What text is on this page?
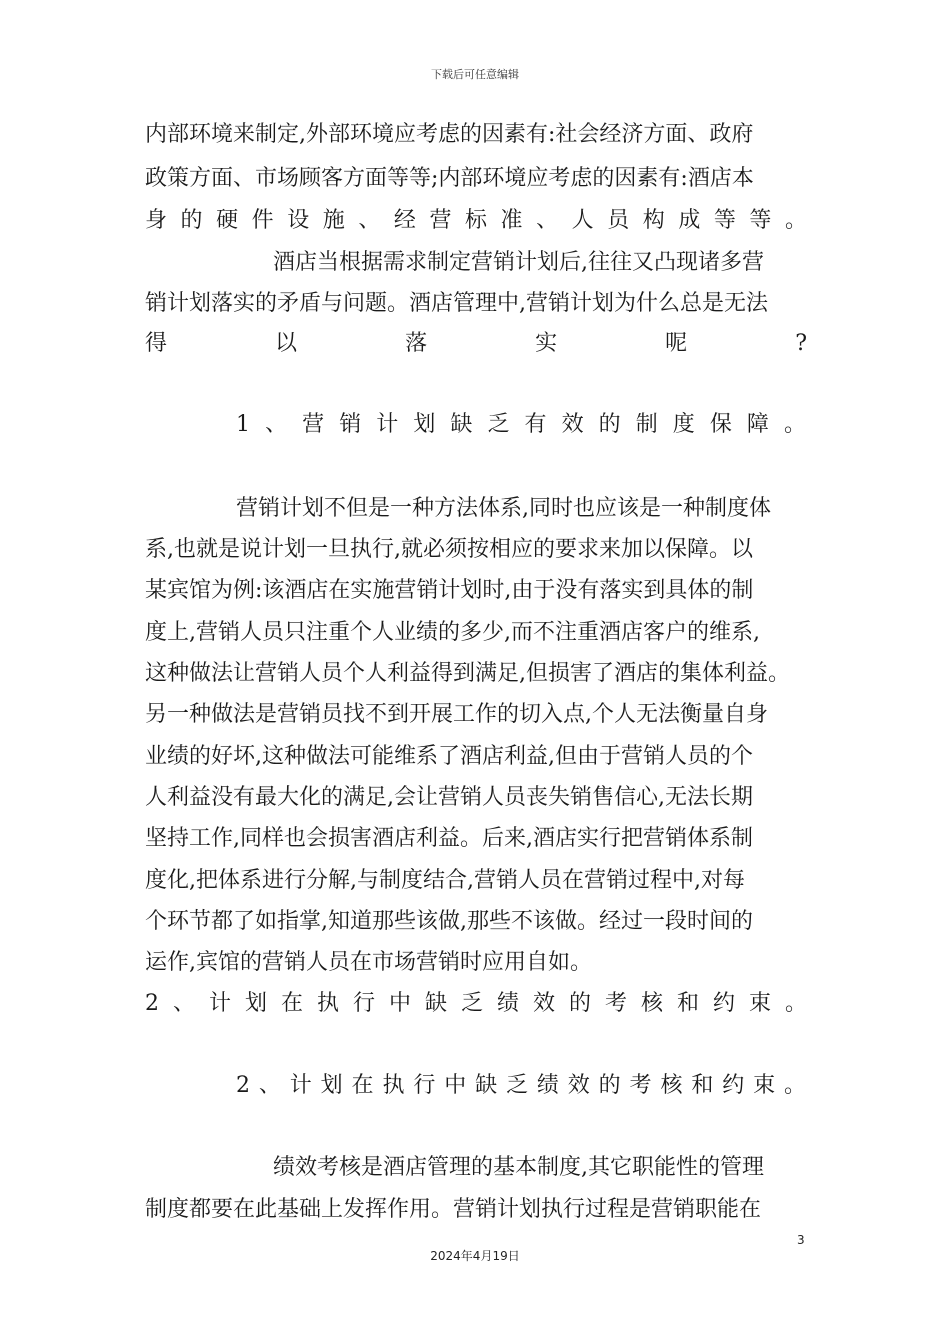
下载后可任意编辑
内部环境来制定,外部环境应考虑的因素有:社会经济方面、政府
政策方面、市场顾客方面等等;内部环境应考虑的因素有:酒店本
身的硬件设施、经营标准、人员构成等等。
酒店当根据需求制定营销计划后,往往又凸现诸多营
销计划落实的矛盾与问题。酒店管理中,营销计划为什么总是无法
得以落实呢?
1、营销计划缺乏有效的制度保障。
营销计划不但是一种方法体系,同时也应该是一种制度体
系,也就是说计划一旦执行,就必须按相应的要求来加以保障。以
某宾馆为例:该酒店在实施营销计划时,由于没有落实到具体的制
度上,营销人员只注重个人业绩的多少,而不注重酒店客户的维系,
这种做法让营销人员个人利益得到满足,但损害了酒店的集体利益。
另一种做法是营销员找不到开展工作的切入点,个人无法衡量自身
业绩的好坏,这种做法可能维系了酒店利益,但由于营销人员的个
人利益没有最大化的满足,会让营销人员丧失销售信心,无法长期
坚持工作,同样也会损害酒店利益。后来,酒店实行把营销体系制
度化,把体系进行分解,与制度结合,营销人员在营销过程中,对每
个环节都了如指掌,知道那些该做,那些不该做。经过一段时间的
运作,宾馆的营销人员在市场营销时应用自如。
2、计划在执行中缺乏绩效的考核和约束。
2、计划在执行中缺乏绩效的考核和约束。
绩效考核是酒店管理的基本制度,其它职能性的管理
制度都要在此基础上发挥作用。营销计划执行过程是营销职能在
3
2024年4月19日
